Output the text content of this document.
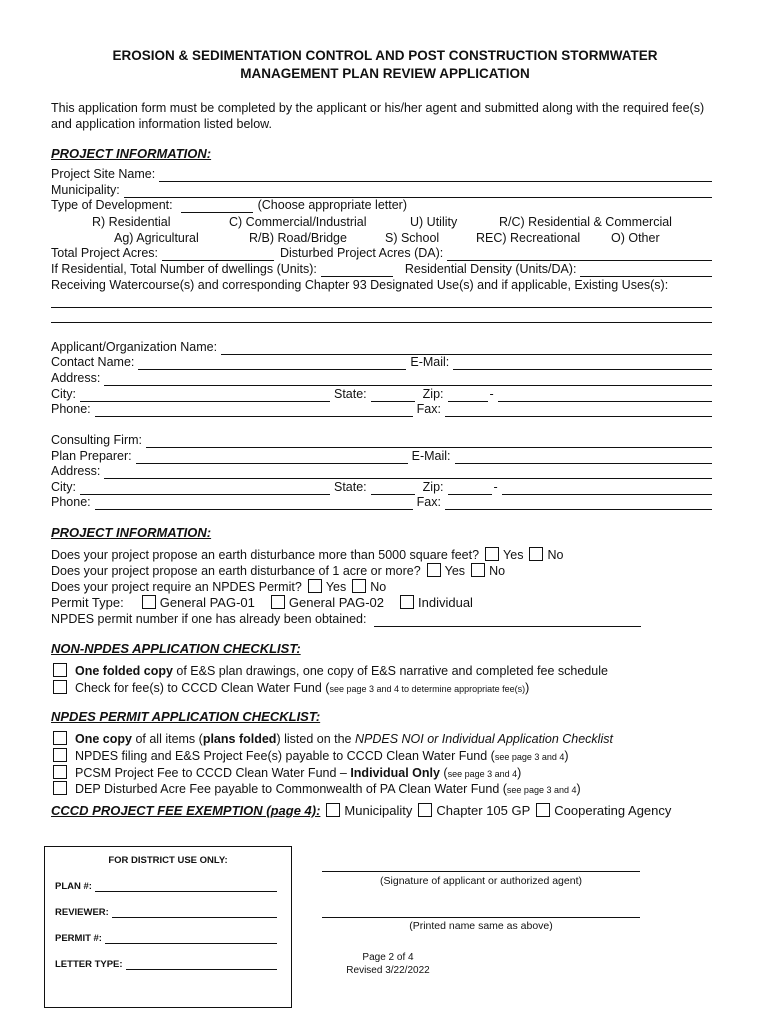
EROSION & SEDIMENTATION CONTROL AND POST CONSTRUCTION STORMWATER
MANAGEMENT PLAN REVIEW APPLICATION
This application form must be completed by the applicant or his/her agent and submitted along with the required fee(s) and application information listed below.
PROJECT INFORMATION:
Project Site Name:
Municipality:
Type of Development:	(Choose appropriate letter)
R) Residential	C) Commercial/Industrial	U) Utility	R/C) Residential & Commercial
Ag) Agricultural	R/B) Road/Bridge	S) School	REC) Recreational O) Other
Total Project Acres:	Disturbed Project Acres (DA):
If Residential, Total Number of dwellings (Units):	Residential Density (Units/DA):
Receiving Watercourse(s) and corresponding Chapter 93 Designated Use(s) and if applicable, Existing Uses(s):
Applicant/Organization Name:
Contact Name:	E-Mail:
Address:
City:	State:	Zip:	-
Phone:	Fax:
Consulting Firm:
Plan Preparer:	E-Mail:
Address:
City:	State:	Zip:	-
Phone:	Fax:
PROJECT INFORMATION:
Does your project propose an earth disturbance more than 5000 square feet? Yes No
Does your project propose an earth disturbance of 1 acre or more? Yes No
Does your project require an NPDES Permit? Yes No
Permit Type:	General PAG-01	General PAG-02	Individual
NPDES permit number if one has already been obtained:
NON-NPDES APPLICATION CHECKLIST:
One folded copy of E&S plan drawings, one copy of E&S narrative and completed fee schedule
Check for fee(s) to CCCD Clean Water Fund (see page 3 and 4 to determine appropriate fee(s))
NPDES PERMIT APPLICATION CHECKLIST:
One copy of all items (plans folded) listed on the NPDES NOI or Individual Application Checklist
NPDES filing and E&S Project Fee(s) payable to CCCD Clean Water Fund (see page 3 and 4)
PCSM Project Fee to CCCD Clean Water Fund – Individual Only (see page 3 and 4)
DEP Disturbed Acre Fee payable to Commonwealth of PA Clean Water Fund (see page 3 and 4)
CCCD PROJECT FEE EXEMPTION (page 4): Municipality Chapter 105 GP Cooperating Agency
FOR DISTRICT USE ONLY:
PLAN #:
REVIEWER:
PERMIT #:
LETTER TYPE:
(Signature of applicant or authorized agent)
(Printed name same as above)
Page 2 of 4
Revised 3/22/2022
